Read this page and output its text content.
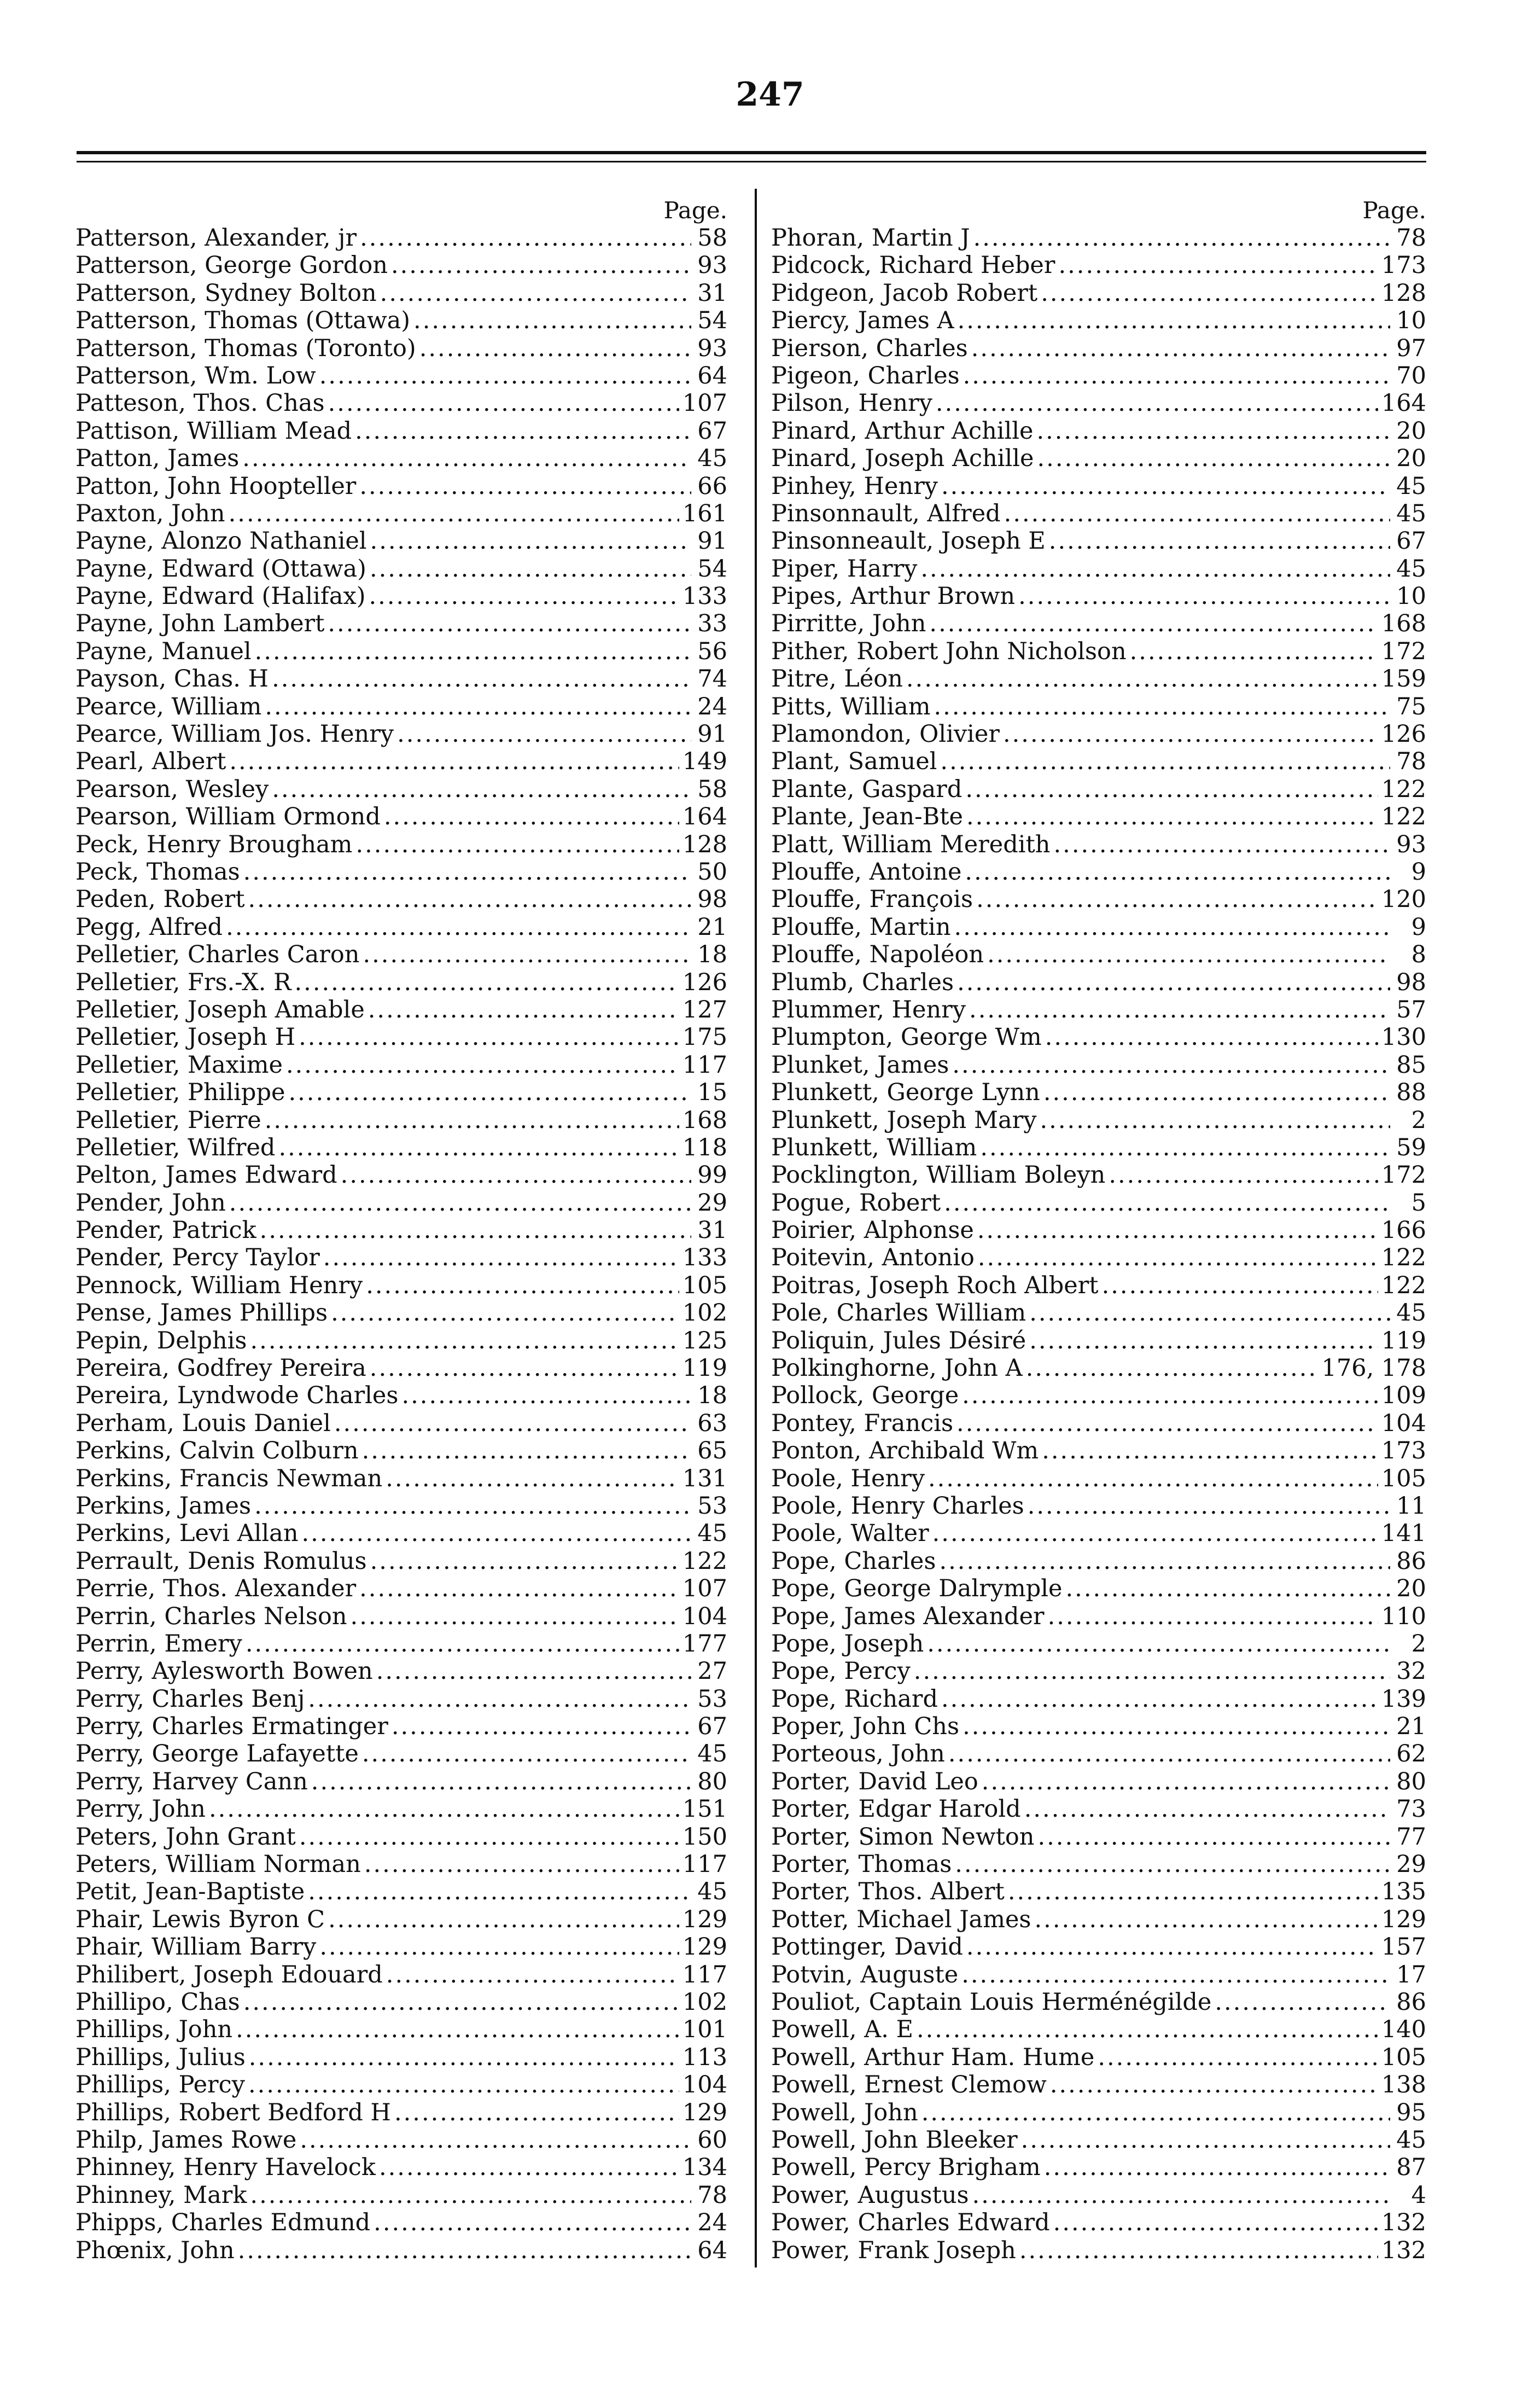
247
Page.
Patterson, Alexander, jr .....	58
Patterson, George Gordon .....	93
Patterson, Sydney Bolton .....	31
Patterson, Thomas (Ottawa) .....	54
Patterson, Thomas (Toronto) .....	93
Patterson, Wm. Low .....	64
Patteson, Thos. Chas .....	107
Pattison, William Mead .....	67
Patton, James .....	45
Patton, John Hoopteller .....	66
Paxton, John .....	161
Payne, Alonzo Nathaniel .....	91
Payne, Edward (Ottawa) .....	54
Payne, Edward (Halifax) .....	133
Payne, John Lambert .....	33
Payne, Manuel .....	56
Payson, Chas. H .....	74
Pearce, William .....	24
Pearce, William Jos. Henry .....	91
Pearl, Albert .....	149
Pearson, Wesley .....	58
Pearson, William Ormond .....	164
Peck, Henry Brougham .....	128
Peck, Thomas .....	50
Peden, Robert .....	98
Pegg, Alfred .....	21
Pelletier, Charles Caron .....	18
Pelletier, Frs.-X. R .....	126
Pelletier, Joseph Amable .....	127
Pelletier, Joseph H .....	175
Pelletier, Maxime .....	117
Pelletier, Philippe .....	15
Pelletier, Pierre .....	168
Pelletier, Wilfred .....	118
Pelton, James Edward .....	99
Pender, John .....	29
Pender, Patrick .....	31
Pender, Percy Taylor .....	133
Pennock, William Henry .....	105
Pense, James Phillips .....	102
Pepin, Delphis .....	125
Pereira, Godfrey Pereira .....	119
Pereira, Lyndwode Charles .....	18
Perham, Louis Daniel .....	63
Perkins, Calvin Colburn .....	65
Perkins, Francis Newman .....	131
Perkins, James .....	53
Perkins, Levi Allan .....	45
Perrault, Denis Romulus .....	122
Perrie, Thos. Alexander .....	107
Perrin, Charles Nelson .....	104
Perrin, Emery .....	177
Perry, Aylesworth Bowen .....	27
Perry, Charles Benj .....	53
Perry, Charles Ermatinger .....	67
Perry, George Lafayette .....	45
Perry, Harvey Cann .....	80
Perry, John .....	151
Peters, John Grant .....	150
Peters, William Norman .....	117
Petit, Jean-Baptiste .....	45
Phair, Lewis Byron C .....	129
Phair, William Barry .....	129
Philibert, Joseph Edouard .....	117
Phillipo, Chas .....	102
Phillips, John .....	101
Phillips, Julius .....	113
Phillips, Percy .....	104
Phillips, Robert Bedford H .....	129
Philp, James Rowe .....	60
Phinney, Henry Havelock .....	134
Phinney, Mark .....	78
Phipps, Charles Edmund .....	24
Phœnix, John .....	64
Page.
Phoran, Martin J .....	78
Pidcock, Richard Heber .....	173
Pidgeon, Jacob Robert .....	128
Piercy, James A .....	10
Pierson, Charles .....	97
Pigeon, Charles .....	70
Pilson, Henry .....	164
Pinard, Arthur Achille .....	20
Pinard, Joseph Achille .....	20
Pinhey, Henry .....	45
Pinsonnault, Alfred .....	45
Pinsonneault, Joseph E .....	67
Piper, Harry .....	45
Pipes, Arthur Brown .....	10
Pirritte, John .....	168
Pither, Robert John Nicholson .....	172
Pitre, Léon .....	159
Pitts, William .....	75
Plamondon, Olivier .....	126
Plant, Samuel .....	78
Plante, Gaspard .....	122
Plante, Jean-Bte .....	122
Platt, William Meredith .....	93
Plouffe, Antoine .....	9
Plouffe, François .....	120
Plouffe, Martin .....	9
Plouffe, Napoléon .....	8
Plumb, Charles .....	98
Plummer, Henry .....	57
Plumpton, George Wm .....	130
Plunket, James .....	85
Plunkett, George Lynn .....	88
Plunkett, Joseph Mary .....	2
Plunkett, William .....	59
Pocklington, William Boleyn .....	172
Pogue, Robert .....	5
Poirier, Alphonse .....	166
Poitevin, Antonio .....	122
Poitras, Joseph Roch Albert .....	122
Pole, Charles William .....	45
Poliquin, Jules Désiré .....	119
Polkinghorne, John A .....	176, 178
Pollock, George .....	109
Pontey, Francis .....	104
Ponton, Archibald Wm .....	173
Poole, Henry .....	105
Poole, Henry Charles .....	11
Poole, Walter .....	141
Pope, Charles .....	86
Pope, George Dalrymple .....	20
Pope, James Alexander .....	110
Pope, Joseph .....	2
Pope, Percy .....	32
Pope, Richard .....	139
Poper, John Chs .....	21
Porteous, John .....	62
Porter, David Leo .....	80
Porter, Edgar Harold .....	73
Porter, Simon Newton .....	77
Porter, Thomas .....	29
Porter, Thos. Albert .....	135
Potter, Michael James .....	129
Pottinger, David .....	157
Potvin, Auguste .....	17
Pouliot, Captain Louis Herménégilde .....	86
Powell, A. E .....	140
Powell, Arthur Ham. Hume .....	105
Powell, Ernest Clemow .....	138
Powell, John .....	95
Powell, John Bleeker .....	45
Powell, Percy Brigham .....	87
Power, Augustus .....	4
Power, Charles Edward .....	132
Power, Frank Joseph .....	132
